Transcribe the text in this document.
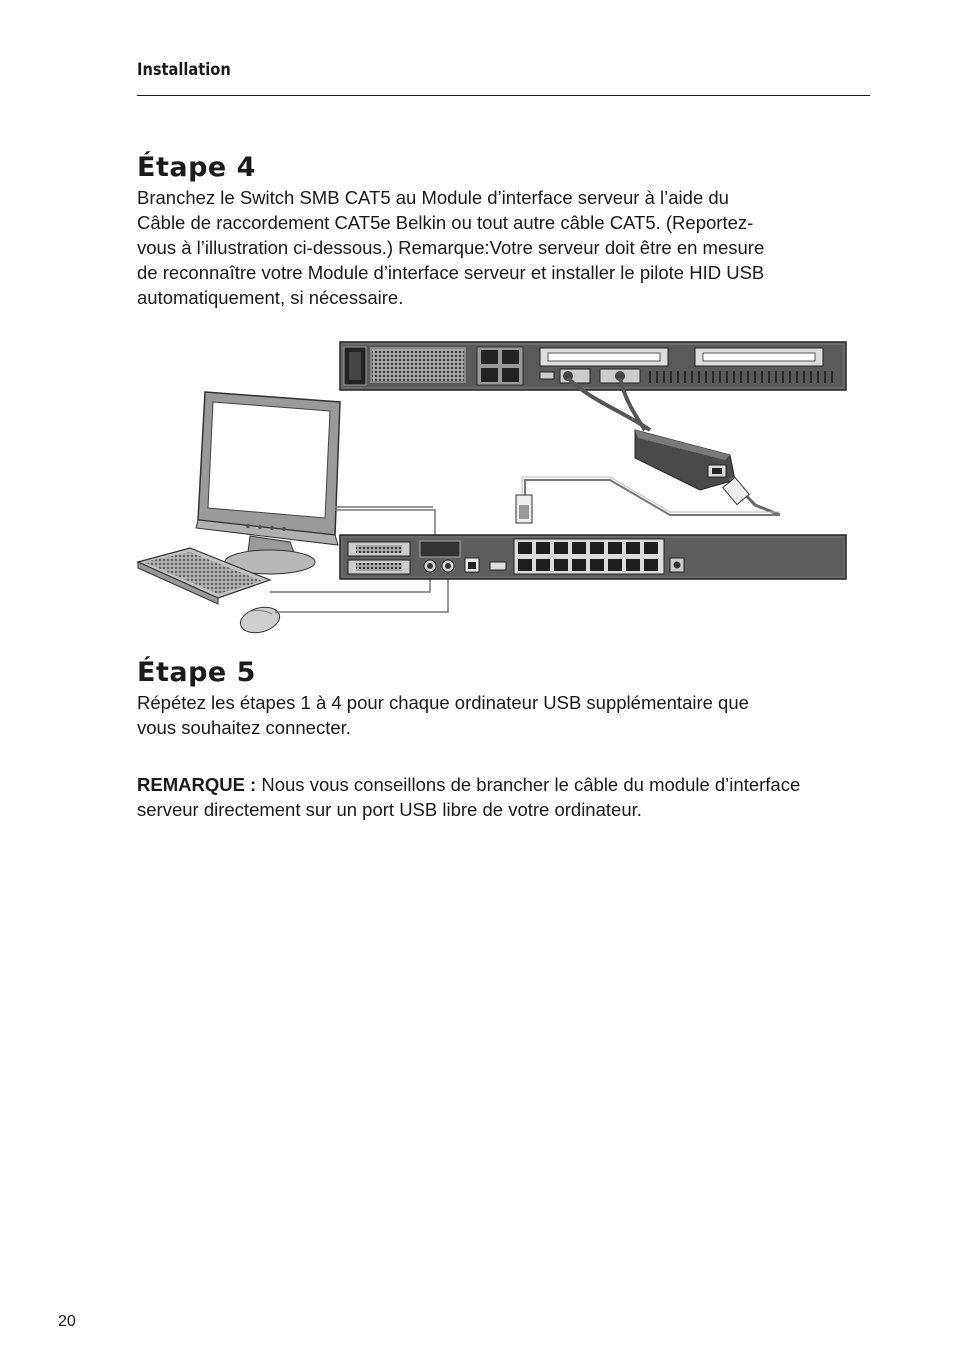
Installation
Étape 4

Branchez le Switch SMB CAT5 au Module d’interface serveur à l’aide du
Câble de raccordement CAT5e Belkin ou tout autre câble CAT5. (Reportez-
vous à l’illustration ci-dessous.) Remarque:Votre serveur doit être en mesure
de reconnaître votre Module d’interface serveur et installer le pilote HID USB
automatiquement, si nécessaire.

Étape 5

Répétez les étapes 1 à 4 pour chaque ordinateur USB supplémentaire que
vous souhaitez connecter.

REMARQUE : Nous vous conseillons de brancher le câble du module d’interface
serveur directement sur un port USB libre de votre ordinateur.

20
